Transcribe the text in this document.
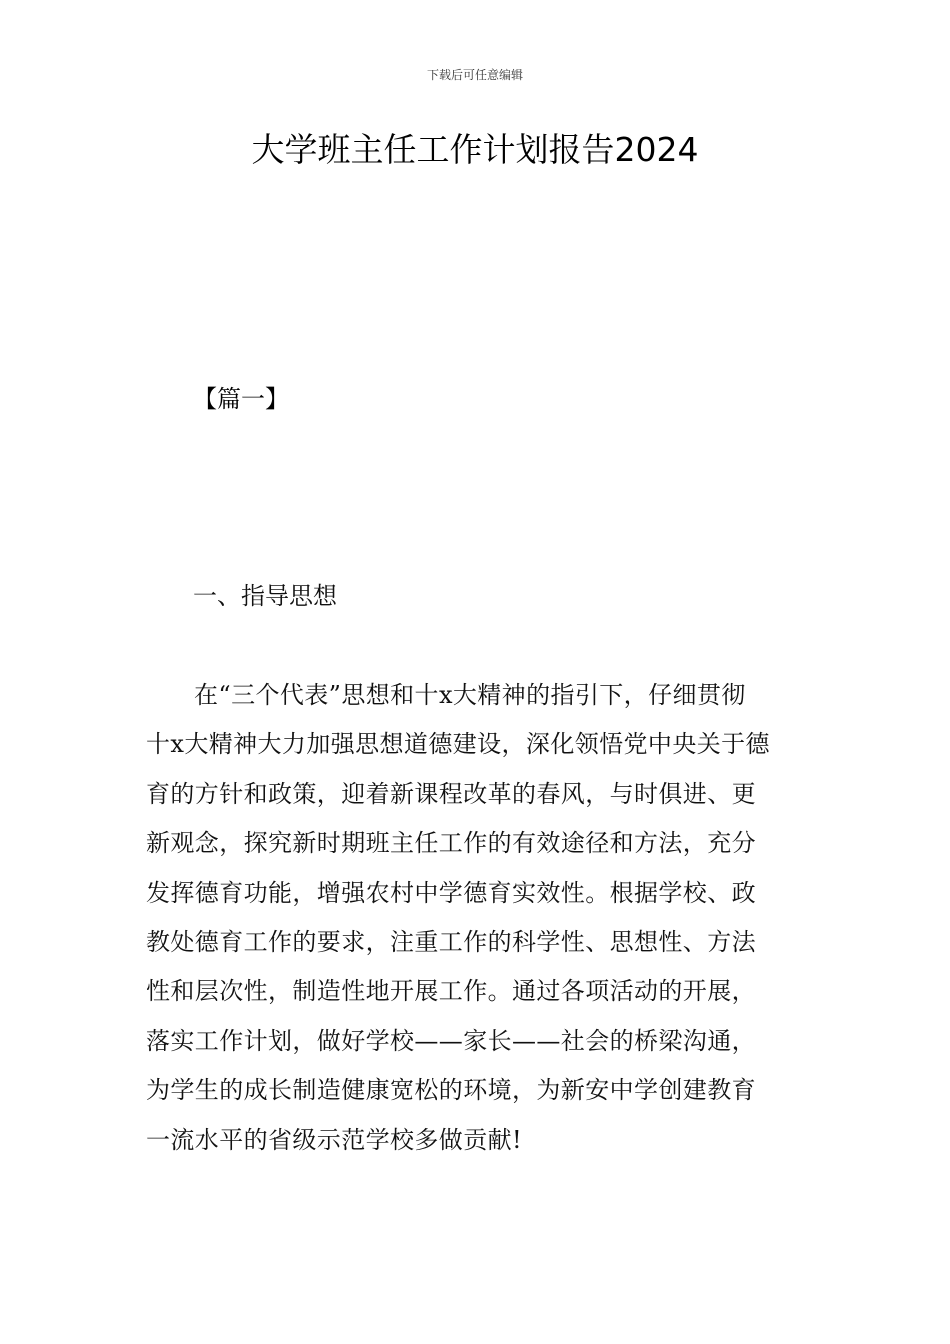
下载后可任意编辑
大学班主任工作计划报告2024
【篇一】
一、指导思想
在“三个代表”思想和十x大精神的指引下，仔细贯彻
十x大精神大力加强思想道德建设，深化领悟党中央关于德
育的方针和政策，迎着新课程改革的春风，与时俱进、更
新观念，探究新时期班主任工作的有效途径和方法，充分
发挥德育功能，增强农村中学德育实效性。根据学校、政
教处德育工作的要求，注重工作的科学性、思想性、方法
性和层次性，制造性地开展工作。通过各项活动的开展，
落实工作计划，做好学校——家长——社会的桥梁沟通，
为学生的成长制造健康宽松的环境，为新安中学创建教育
一流水平的省级示范学校多做贡献!
